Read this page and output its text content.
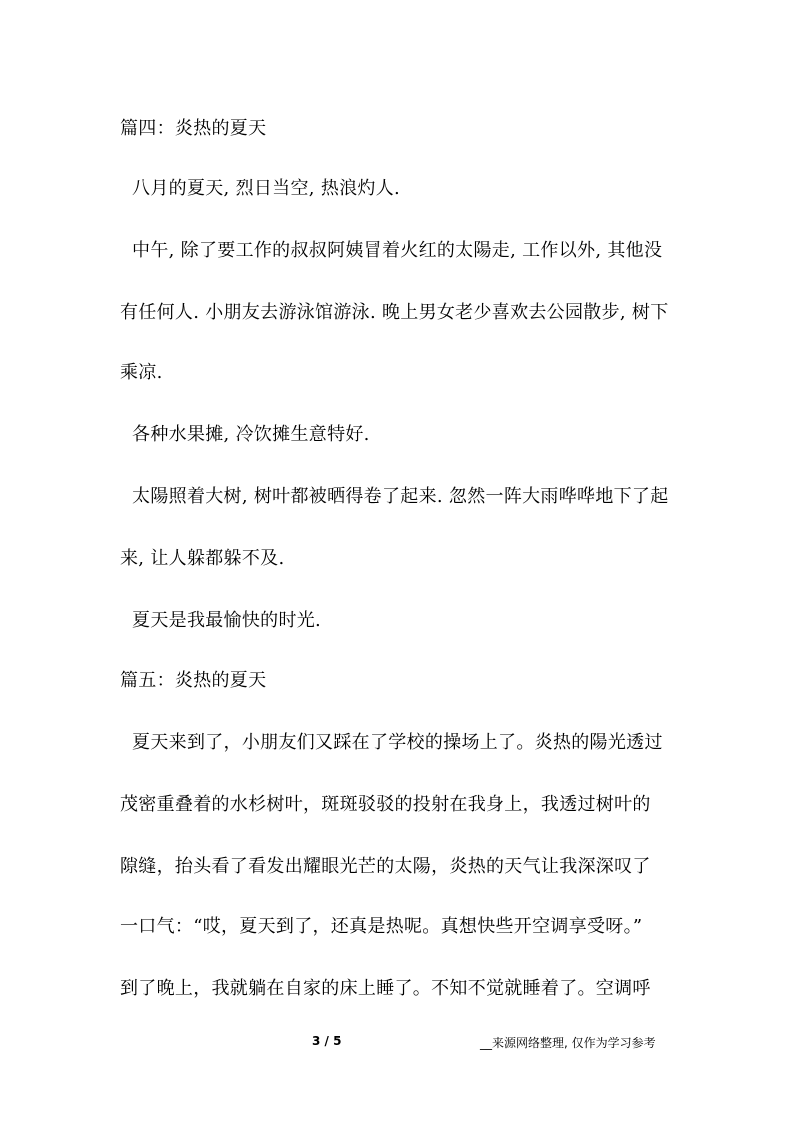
篇四：炎热的夏天
八月的夏天, 烈日当空, 热浪灼人.
中午, 除了要工作的叔叔阿姨冒着火红的太陽走, 工作以外, 其他没
有任何人. 小朋友去游泳馆游泳. 晚上男女老少喜欢去公园散步, 树下
乘凉.
各种水果摊, 冷饮摊生意特好.
太陽照着大树, 树叶都被晒得卷了起来. 忽然一阵大雨哗哗地下了起
来, 让人躲都躲不及.
夏天是我最愉快的时光.
篇五：炎热的夏天
夏天来到了，小朋友们又踩在了学校的操场上了。炎热的陽光透过
茂密重叠着的水杉树叶，斑斑驳驳的投射在我身上，我透过树叶的
隙缝，抬头看了看发出耀眼光芒的太陽，炎热的天气让我深深叹了
一口气：“哎，夏天到了，还真是热呢。真想快些开空调享受呀。”
到了晚上，我就躺在自家的床上睡了。不知不觉就睡着了。空调呼
3 / 5	__来源网络整理, 仅作为学习参考
